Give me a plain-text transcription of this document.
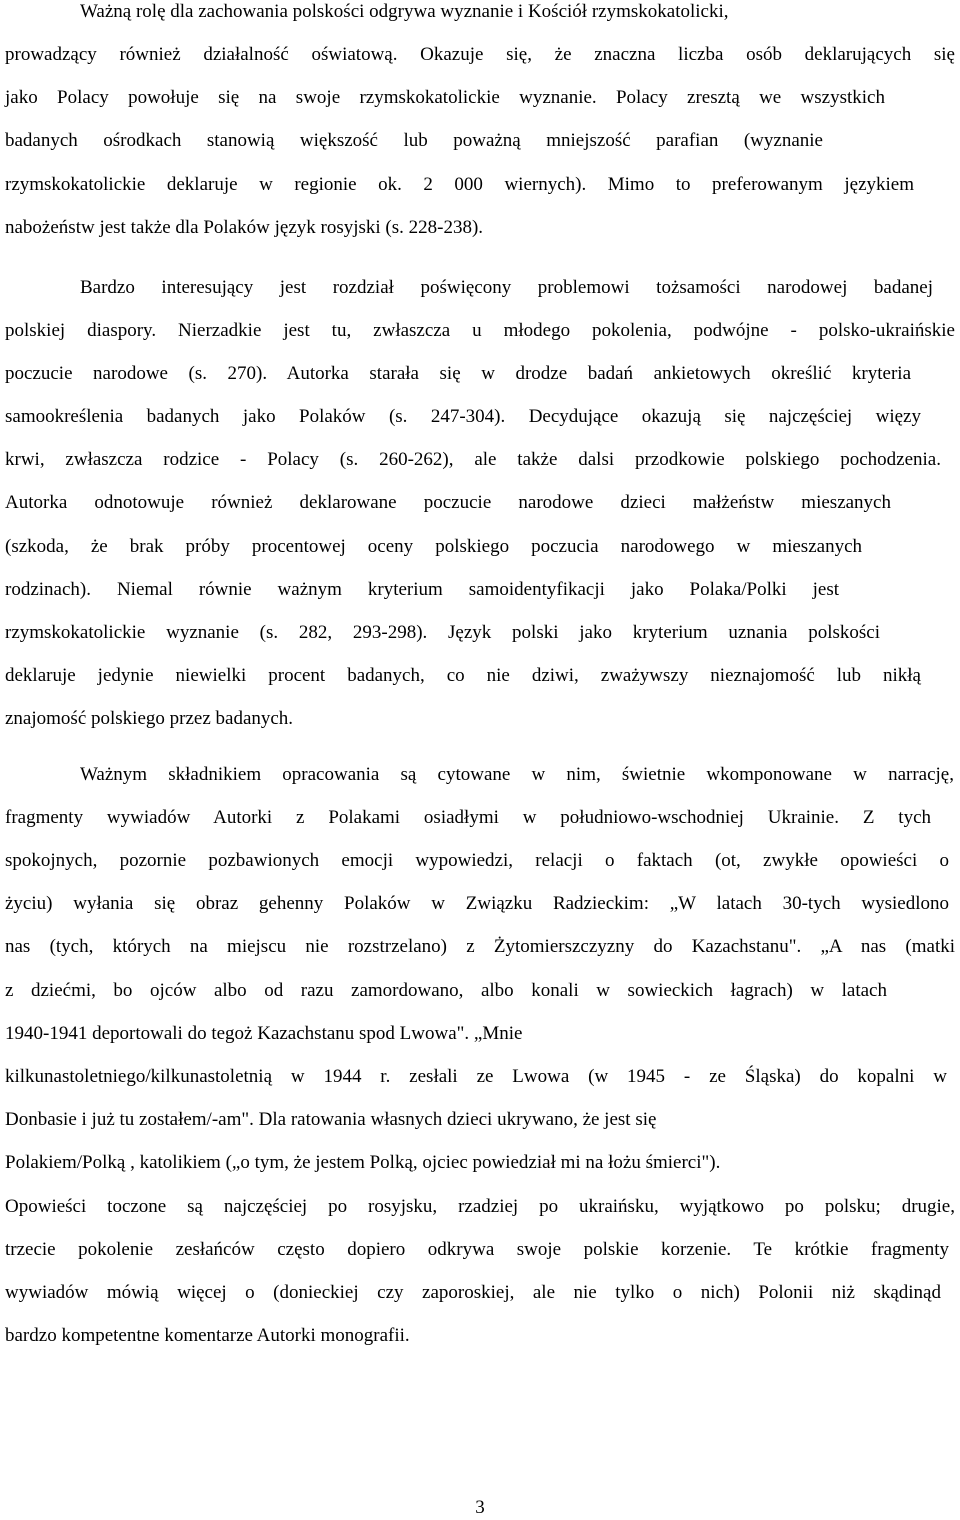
Ważną rolę dla zachowania polskości odgrywa wyznanie i Kościół rzymskokatolicki,
prowadzący również działalność oświatową. Okazuje się, że znaczna liczba osób deklarujących się
jako Polacy powołuje się na swoje rzymskokatolickie wyznanie. Polacy zresztą we wszystkich
badanych ośrodkach stanowią większość lub poważną mniejszość parafian (wyznanie
rzymskokatolickie deklaruje w regionie ok. 2 000 wiernych). Mimo to preferowanym językiem
nabożeństw jest także dla Polaków język rosyjski (s. 228-238).
Bardzo interesujący jest rozdział poświęcony problemowi tożsamości narodowej badanej
polskiej diaspory. Nierzadkie jest tu, zwłaszcza u młodego pokolenia, podwójne - polsko-ukraińskie
poczucie narodowe (s. 270). Autorka starała się w drodze badań ankietowych określić kryteria
samookreślenia badanych jako Polaków (s. 247-304). Decydujące okazują się najczęściej więzy
krwi, zwłaszcza rodzice - Polacy (s. 260-262), ale także dalsi przodkowie polskiego pochodzenia.
Autorka odnotowuje również deklarowane poczucie narodowe dzieci małżeństw mieszanych
(szkoda, że brak próby procentowej oceny polskiego poczucia narodowego w mieszanych
rodzinach). Niemal równie ważnym kryterium samoidentyfikacji jako Polaka/Polki jest
rzymskokatolickie wyznanie (s. 282, 293-298). Język polski jako kryterium uznania polskości
deklaruje jedynie niewielki procent badanych, co nie dziwi, zważywszy nieznajomość lub nikłą
znajomość polskiego przez badanych.
Ważnym składnikiem opracowania są cytowane w nim, świetnie wkomponowane w narrację,
fragmenty wywiadów Autorki z Polakami osiadłymi w południowo-wschodniej Ukrainie. Z tych
spokojnych, pozornie pozbawionych emocji wypowiedzi, relacji o faktach (ot, zwykłe opowieści o
życiu) wyłania się obraz gehenny Polaków w Związku Radzieckim: „W latach 30-tych wysiedlono
nas (tych, których na miejscu nie rozstrzelano) z Żytomierszczyzny do Kazachstanu". „A nas (matki
z dziećmi, bo ojców albo od razu zamordowano, albo konali w sowieckich łagrach) w latach
1940-1941 deportowali do tegoż Kazachstanu spod Lwowa". „Mnie
kilkunastoletniego/kilkunastoletnią w 1944 r. zesłali ze Lwowa (w 1945 - ze Śląska) do kopalni w
Donbasie i już tu zostałem/-am". Dla ratowania własnych dzieci ukrywano, że jest się
Polakiem/Polką , katolikiem („o tym, że jestem Polką, ojciec powiedział mi na łożu śmierci").
Opowieści toczone są najczęściej po rosyjsku, rzadziej po ukraińsku, wyjątkowo po polsku; drugie,
trzecie pokolenie zesłańców często dopiero odkrywa swoje polskie korzenie. Te krótkie fragmenty
wywiadów mówią więcej o (donieckiej czy zaporoskiej, ale nie tylko o nich) Polonii niż skądinąd
bardzo kompetentne komentarze Autorki monografii.
3
